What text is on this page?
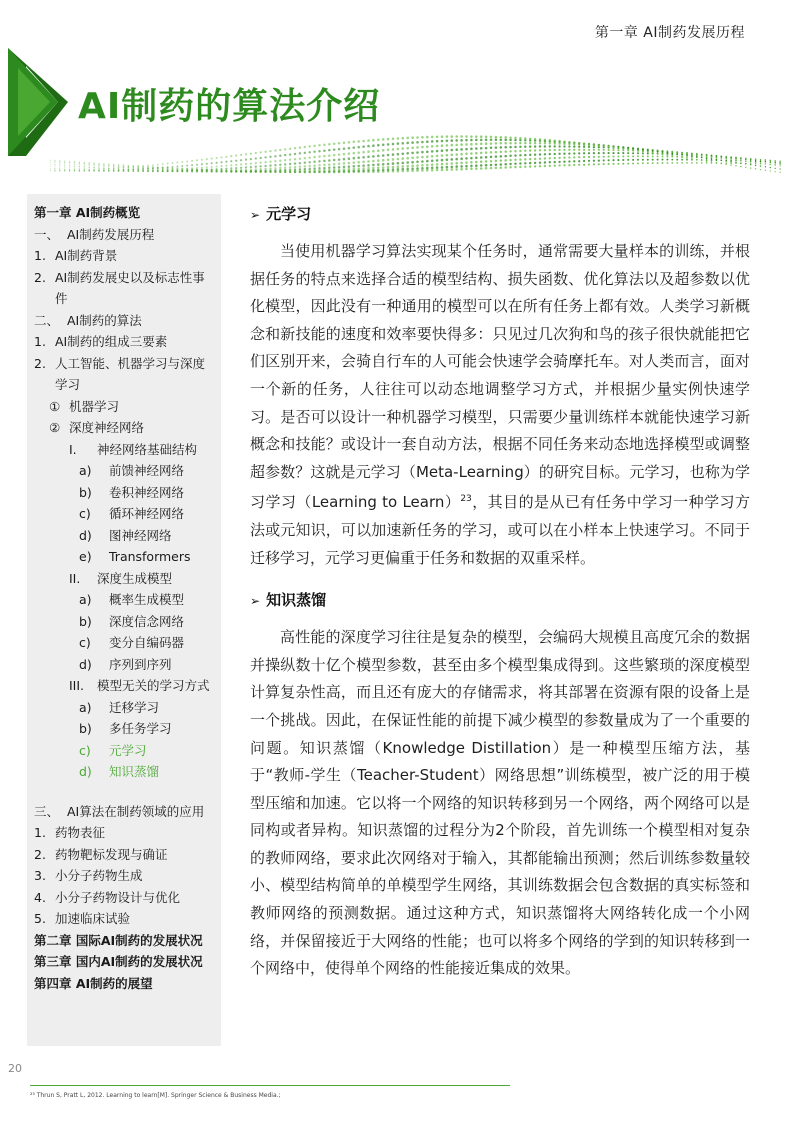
第一章 AI制药发展历程
AI制药的算法介绍
第一章 AI制药概览
一、 AI制药发展历程
1. AI制药背景
2. AI制药发展史以及标志性事件
二、 AI制药的算法
1. AI制药的组成三要素
2. 人工智能、机器学习与深度学习
① 机器学习
② 深度神经网络
I.	神经网络基础结构
a)	前馈神经网络
b)	卷积神经网络
c)	循环神经网络
d)	图神经网络
e)	Transformers
II.	深度生成模型
a)	概率生成模型
b)	深度信念网络
c)	变分自编码器
d)	序列到序列
III.	模型无关的学习方式
a)	迁移学习
b)	多任务学习
c)	元学习
d)	知识蒸馏
三、 AI算法在制药领域的应用
1. 药物表征
2. 药物靶标发现与确证
3. 小分子药物生成
4. 小分子药物设计与优化
5. 加速临床试验
第二章 国际AI制药的发展状况
第三章 国内AI制药的发展状况
第四章 AI制药的展望
➢ 元学习

当使用机器学习算法实现某个任务时，通常需要大量样本的训练，并根据任务的特点来选择合适的模型结构、损失函数、优化算法以及超参数以优化模型，因此没有一种通用的模型可以在所有任务上都有效。人类学习新概念和新技能的速度和效率要快得多：只见过几次狗和鸟的孩子很快就能把它们区别开来，会骑自行车的人可能会快速学会骑摩托车。对人类而言，面对一个新的任务，人往往可以动态地调整学习方式，并根据少量实例快速学习。是否可以设计一种机器学习模型，只需要少量训练样本就能快速学习新概念和技能？或设计一套自动方法，根据不同任务来动态地选择模型或调整超参数？这就是元学习（Meta-Learning）的研究目标。元学习，也称为学习学习（Learning to Learn）$^{23}$，其目的是从已有任务中学习一种学习方法或元知识，可以加速新任务的学习，或可以在小样本上快速学习。不同于迁移学习，元学习更偏重于任务和数据的双重采样。

➢ 知识蒸馏

高性能的深度学习往往是复杂的模型，会编码大规模且高度冗余的数据并操纵数十亿个模型参数，甚至由多个模型集成得到。这些繁琐的深度模型计算复杂性高，而且还有庞大的存储需求，将其部署在资源有限的设备上是一个挑战。因此，在保证性能的前提下减少模型的参数量成为了一个重要的问题。知识蒸馏（Knowledge Distillation）是一种模型压缩方法，基于“教师-学生（Teacher-Student）网络思想”训练模型，被广泛的用于模型压缩和加速。它以将一个网络的知识转移到另一个网络，两个网络可以是同构或者异构。知识蒸馏的过程分为2个阶段，首先训练一个模型相对复杂的教师网络，要求此次网络对于输入，其都能输出预测；然后训练参数量较小、模型结构简单的单模型学生网络，其训练数据会包含数据的真实标签和教师网络的预测数据。通过这种方式，知识蒸馏将大网络转化成一个小网络，并保留接近于大网络的性能；也可以将多个网络的学到的知识转移到一个网络中，使得单个网络的性能接近集成的效果。

20
²³ Thrun S, Pratt L, 2012. Learning to learn[M]. Springer Science & Business Media.;
